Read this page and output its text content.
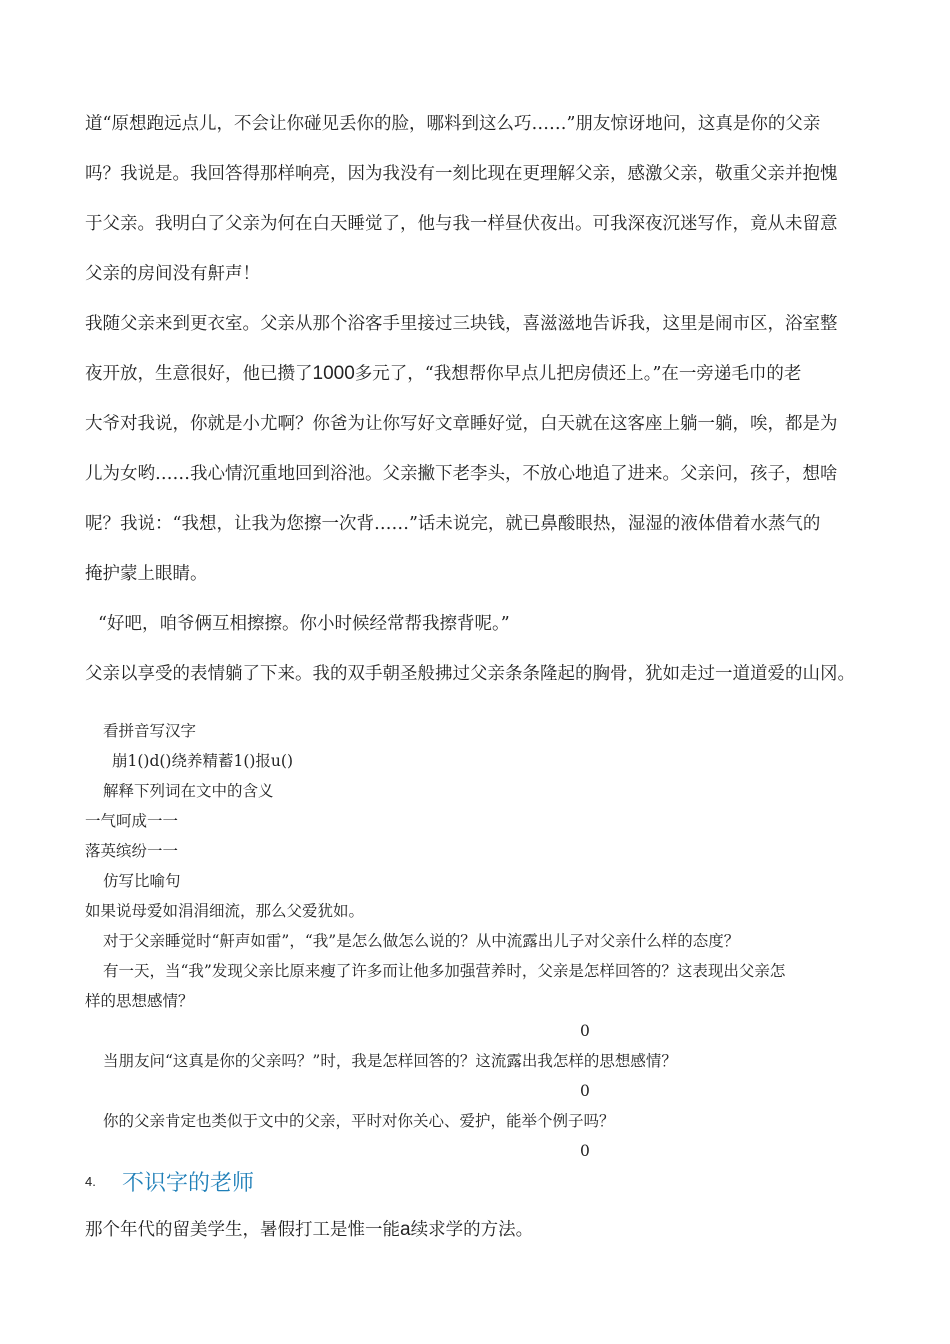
道“原想跑远点儿，不会让你碰见丢你的脸，哪料到这么巧……”朋友惊讶地问，这真是你的父亲
吗？我说是。我回答得那样响亮，因为我没有一刻比现在更理解父亲，感激父亲，敬重父亲并抱愧
于父亲。我明白了父亲为何在白天睡觉了，他与我一样昼伏夜出。可我深夜沉迷写作，竟从未留意
父亲的房间没有鼾声！
我随父亲来到更衣室。父亲从那个浴客手里接过三块钱，喜滋滋地告诉我，这里是闹市区，浴室整
夜开放，生意很好，他已攒了1000多元了，“我想帮你早点儿把房债还上。”在一旁递毛巾的老
大爷对我说，你就是小尤啊？你爸为让你写好文章睡好觉，白天就在这客座上躺一躺，唉，都是为
儿为女哟……我心情沉重地回到浴池。父亲撇下老李头，不放心地追了进来。父亲问，孩子，想啥
呢？我说：“我想，让我为您擦一次背……”话未说完，就已鼻酸眼热，湿湿的液体借着水蒸气的
掩护蒙上眼睛。
“好吧，咱爷俩互相擦擦。你小时候经常帮我擦背呢。”
父亲以享受的表情躺了下来。我的双手朝圣般拂过父亲条条隆起的胸骨，犹如走过一道道爱的山冈。
看拼音写汉字
崩1()d()绕养精蓄1()报u()
解释下列词在文中的含义
一气呵成一一
落英缤纷一一
仿写比喻句
如果说母爱如涓涓细流，那么父爱犹如。
对于父亲睡觉时“鼾声如雷”，“我”是怎么做怎么说的？从中流露出儿子对父亲什么样的态度？
有一天，当“我”发现父亲比原来瘦了许多而让他多加强营养时，父亲是怎样回答的？这表现出父亲怎
样的思想感情？
0
当朋友问“这真是你的父亲吗？”时，我是怎样回答的？这流露出我怎样的思想感情？
0
你的父亲肯定也类似于文中的父亲，平时对你关心、爱护，能举个例子吗？
0
4. 不识字的老师
那个年代的留美学生，暑假打工是惟一能a续求学的方法。
